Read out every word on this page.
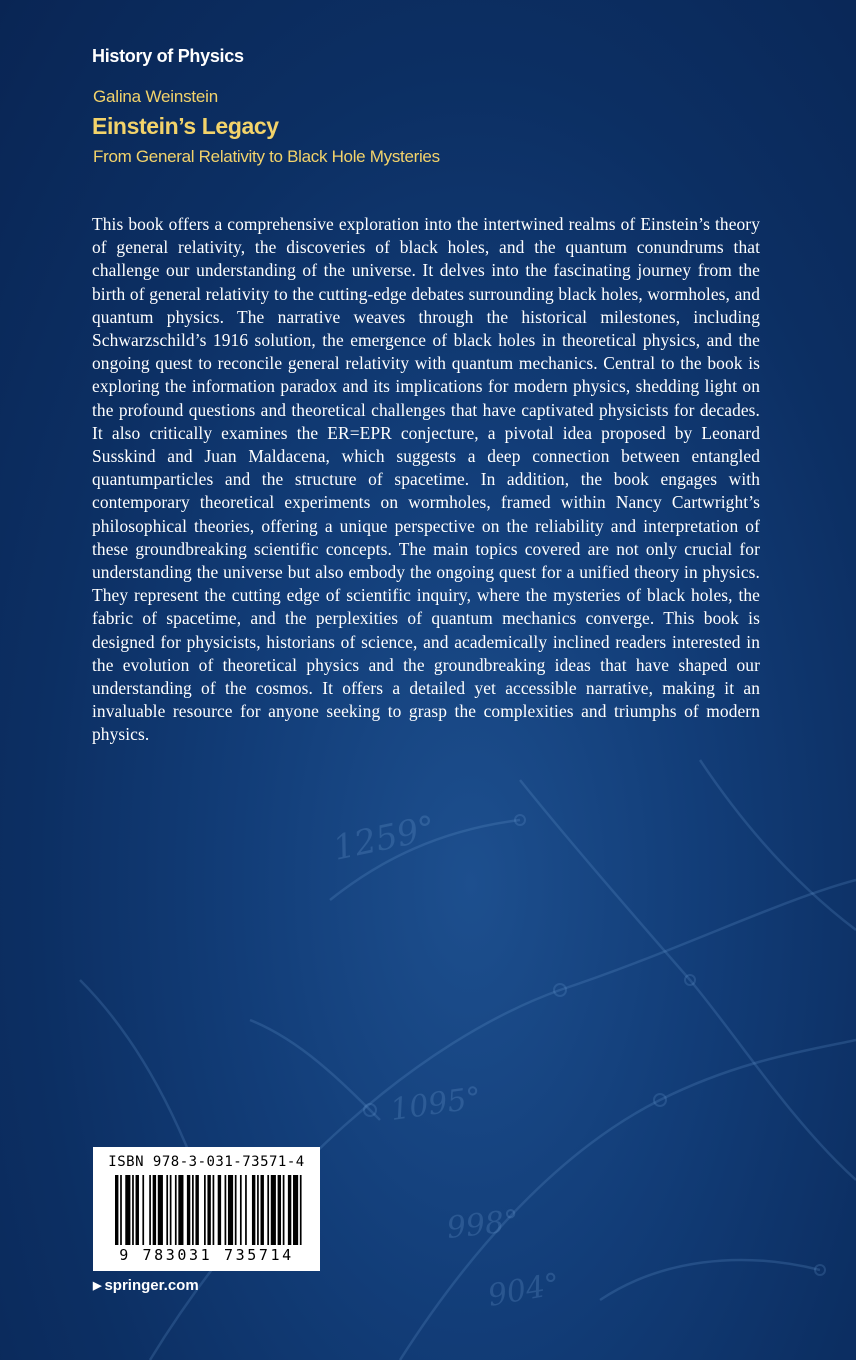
1259°
1095°
998°
904°
History of Physics
Galina Weinstein
Einstein’s Legacy
From General Relativity to Black Hole Mysteries

This book offers a comprehensive exploration into the intertwined realms of Einstein’s theory of general relativity, the discoveries of black holes, and the quantum conundrums that challenge our understanding of the universe. It delves into the fascinating journey from the birth of general relativity to the cutting-edge debates surrounding black holes, wormholes, and quantum physics. The narrative weaves through the historical milestones, including Schwarzschild’s 1916 solution, the emergence of black holes in theoretical physics, and the ongoing quest to reconcile general relativity with quantum mechanics. Central to the book is exploring the information paradox and its implications for modern physics, shedding light on the profound questions and theoretical challenges that have captivated physicists for decades. It also critically examines the ER=EPR conjecture, a pivotal idea proposed by Leonard Susskind and Juan Maldacena, which suggests a deep connection between entangled quantumparticles and the structure of spacetime. In addition, the book engages with contemporary theoretical experiments on wormholes, framed within Nancy Cartwright’s philosophical theories, offering a unique perspective on the reliability and interpretation of these groundbreaking scientific concepts. The main topics covered are not only crucial for understanding the universe but also embody the ongoing quest for a unified theory in physics. They represent the cutting edge of scientific inquiry, where the mysteries of black holes, the fabric of spacetime, and the perplexities of quantum mechanics converge. This book is designed for physicists, historians of science, and academically inclined readers interested in the evolution of theoretical physics and the groundbreaking ideas that have shaped our understanding of the cosmos. It offers a detailed yet accessible narrative, making it an invaluable resource for anyone seeking to grasp the complexities and triumphs of modern physics.

ISBN 978-3-031-73571-4
9 783031 735714
▶ springer.com
